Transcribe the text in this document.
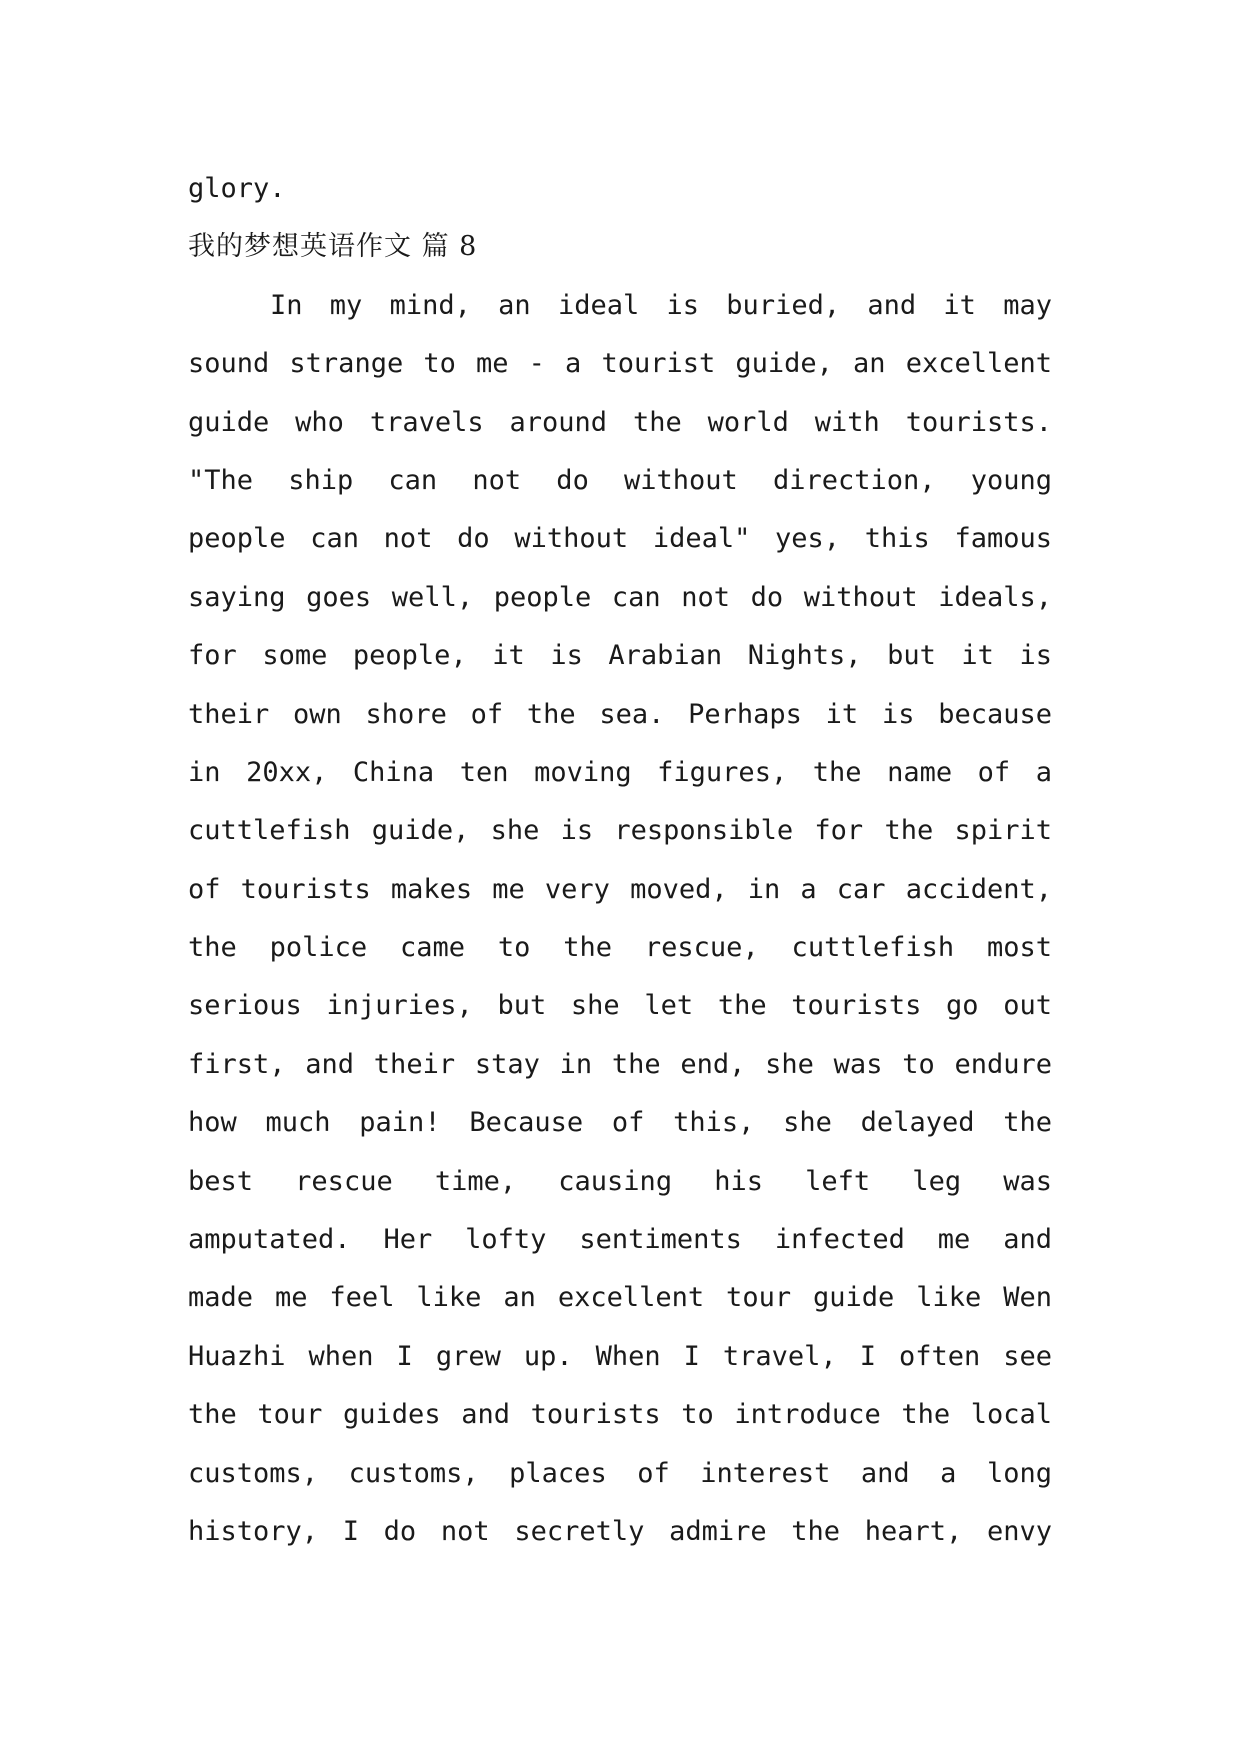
glory.
我的梦想英语作文 篇 8
In my mind, an ideal is buried, and it may
sound strange to me - a tourist guide, an excellent
guide who travels around the world with tourists.
"The ship can not do without direction, young
people can not do without ideal" yes, this famous
saying goes well, people can not do without ideals,
for some people, it is Arabian Nights, but it is
their own shore of the sea. Perhaps it is because
in 20xx, China ten moving figures, the name of a
cuttlefish guide, she is responsible for the spirit
of tourists makes me very moved, in a car accident,
the police came to the rescue, cuttlefish most
serious injuries, but she let the tourists go out
first, and their stay in the end, she was to endure
how much pain! Because of this, she delayed the
best rescue time, causing his left leg was
amputated. Her lofty sentiments infected me and
made me feel like an excellent tour guide like Wen
Huazhi when I grew up. When I travel, I often see
the tour guides and tourists to introduce the local
customs, customs, places of interest and a long
history, I do not secretly admire the heart, envy
